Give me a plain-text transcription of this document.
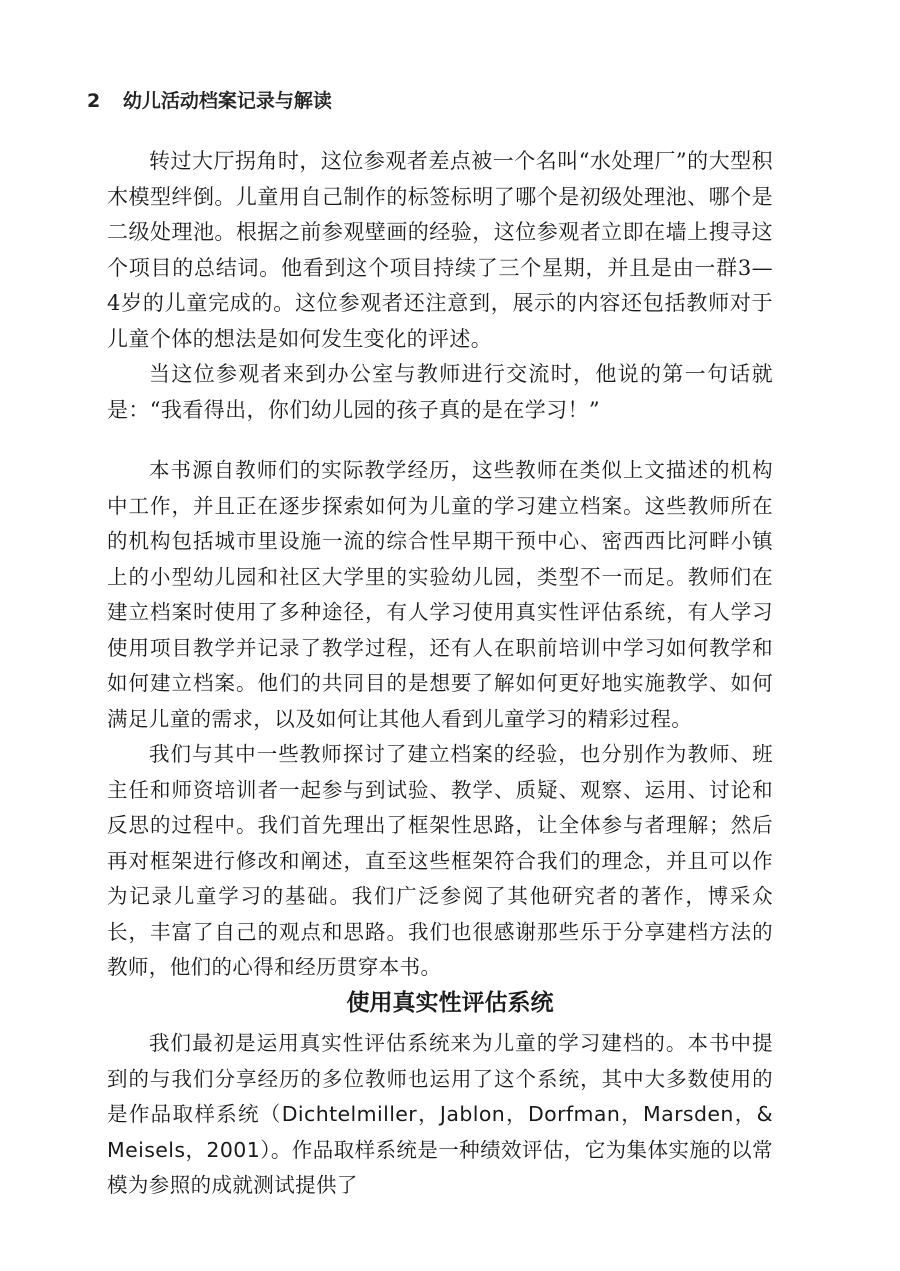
2 幼儿活动档案记录与解读

转过大厅拐角时，这位参观者差点被一个名叫“水处理厂”的大型积木模型绊倒。儿童用自己制作的标签标明了哪个是初级处理池、哪个是二级处理池。根据之前参观壁画的经验，这位参观者立即在墙上搜寻这个项目的总结词。他看到这个项目持续了三个星期，并且是由一群3—4岁的儿童完成的。这位参观者还注意到，展示的内容还包括教师对于儿童个体的想法是如何发生变化的评述。

当这位参观者来到办公室与教师进行交流时，他说的第一句话就是：“我看得出，你们幼儿园的孩子真的是在学习！”

本书源自教师们的实际教学经历，这些教师在类似上文描述的机构中工作，并且正在逐步探索如何为儿童的学习建立档案。这些教师所在的机构包括城市里设施一流的综合性早期干预中心、密西西比河畔小镇上的小型幼儿园和社区大学里的实验幼儿园，类型不一而足。教师们在建立档案时使用了多种途径，有人学习使用真实性评估系统，有人学习使用项目教学并记录了教学过程，还有人在职前培训中学习如何教学和如何建立档案。他们的共同目的是想要了解如何更好地实施教学、如何满足儿童的需求，以及如何让其他人看到儿童学习的精彩过程。

我们与其中一些教师探讨了建立档案的经验，也分别作为教师、班主任和师资培训者一起参与到试验、教学、质疑、观察、运用、讨论和反思的过程中。我们首先理出了框架性思路，让全体参与者理解；然后再对框架进行修改和阐述，直至这些框架符合我们的理念，并且可以作为记录儿童学习的基础。我们广泛参阅了其他研究者的著作，博采众长，丰富了自己的观点和思路。我们也很感谢那些乐于分享建档方法的教师，他们的心得和经历贯穿本书。

使用真实性评估系统

我们最初是运用真实性评估系统来为儿童的学习建档的。本书中提到的与我们分享经历的多位教师也运用了这个系统，其中大多数使用的是作品取样系统（Dichtelmiller，Jablon，Dorfman，Marsden，& Meisels，2001）。作品取样系统是一种绩效评估，它为集体实施的以常模为参照的成就测试提供了
